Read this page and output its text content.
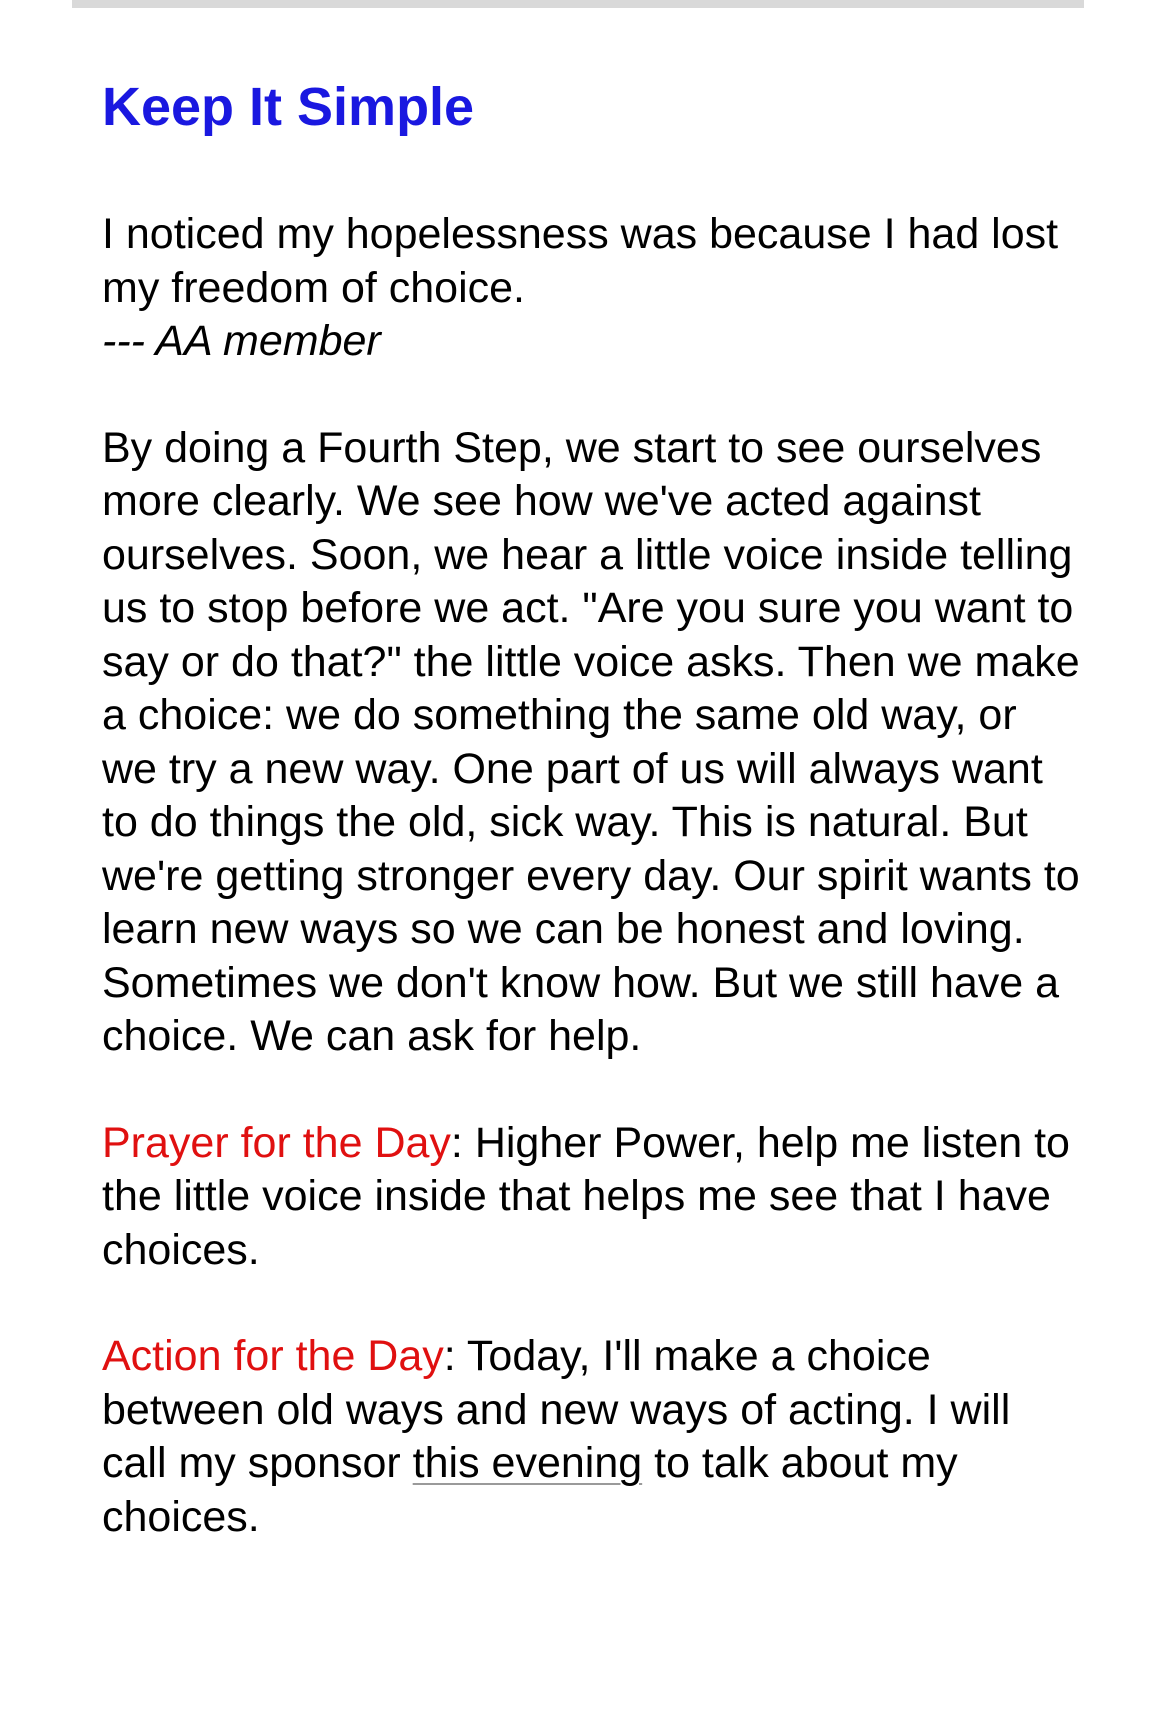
Keep It Simple

I noticed my hopelessness was because I had lost my freedom of choice.
--- AA member

By doing a Fourth Step, we start to see ourselves more clearly. We see how we've acted against ourselves. Soon, we hear a little voice inside telling us to stop before we act. "Are you sure you want to say or do that?" the little voice asks. Then we make a choice: we do something the same old way, or we try a new way. One part of us will always want to do things the old, sick way. This is natural. But we're getting stronger every day. Our spirit wants to learn new ways so we can be honest and loving. Sometimes we don't know how. But we still have a choice. We can ask for help.

Prayer for the Day: Higher Power, help me listen to the little voice inside that helps me see that I have choices.

Action for the Day: Today, I'll make a choice between old ways and new ways of acting. I will call my sponsor this evening to talk about my choices.
